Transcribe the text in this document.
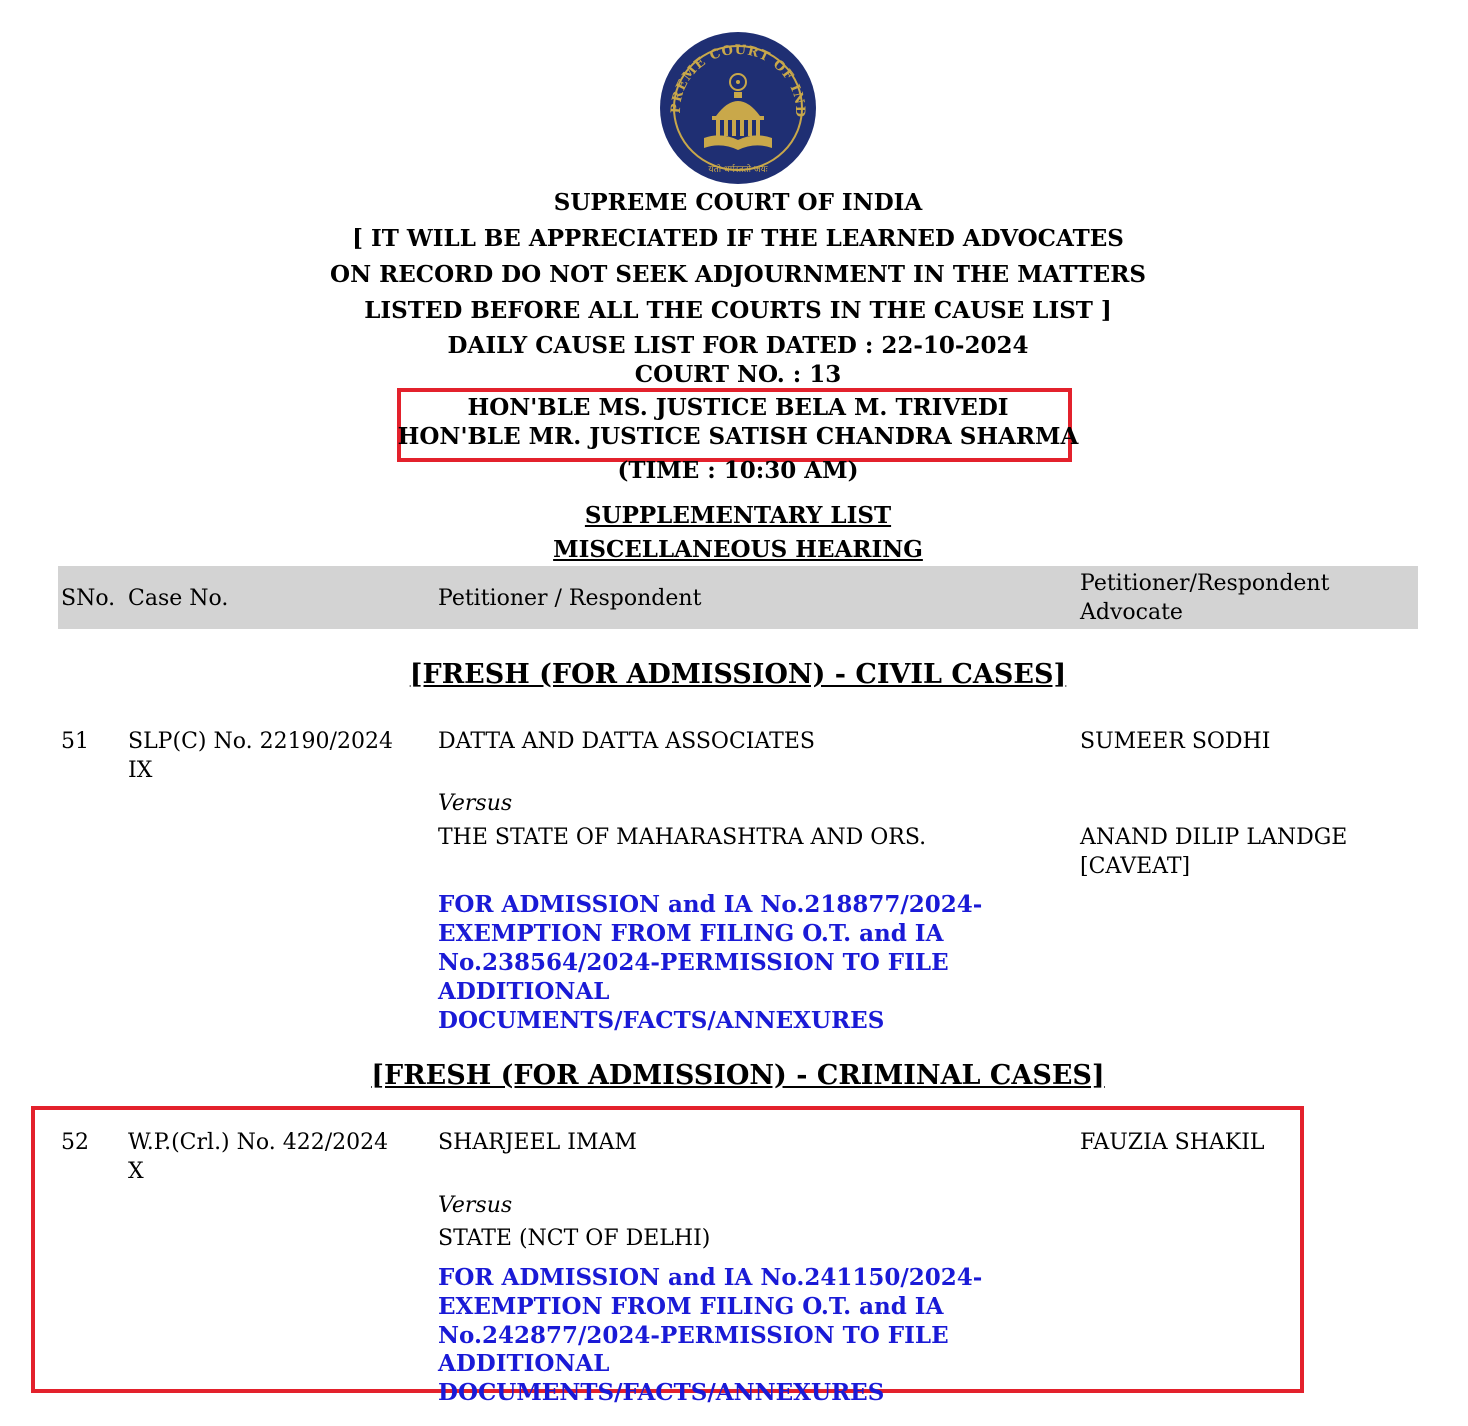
PREME COURT OF IND
यतो धर्मस्ततो जयः
SUPREME COURT OF INDIA
[ IT WILL BE APPRECIATED IF THE LEARNED ADVOCATES
ON RECORD DO NOT SEEK ADJOURNMENT IN THE MATTERS
LISTED BEFORE ALL THE COURTS IN THE CAUSE LIST ]
DAILY CAUSE LIST FOR DATED : 22-10-2024
COURT NO. : 13
HON'BLE MS. JUSTICE BELA M. TRIVEDI
HON'BLE MR. JUSTICE SATISH CHANDRA SHARMA
(TIME : 10:30 AM)
SUPPLEMENTARY LIST
MISCELLANEOUS HEARING
SNo. Case No.	Petitioner / Respondent
Petitioner/Respondent
Advocate
[FRESH (FOR ADMISSION) - CIVIL CASES]
51 SLP(C) No. 22190/2024
IX
DATTA AND DATTA ASSOCIATES
Versus
THE STATE OF MAHARASHTRA AND ORS.
SUMEER SODHI
ANAND DILIP LANDGE
[CAVEAT]
FOR ADMISSION and IA No.218877/2024-
EXEMPTION FROM FILING O.T. and IA
No.238564/2024-PERMISSION TO FILE
ADDITIONAL DOCUMENTS/FACTS/ANNEXURES
[FRESH (FOR ADMISSION) - CRIMINAL CASES]
52 W.P.(Crl.) No. 422/2024
X
SHARJEEL IMAM
Versus
STATE (NCT OF DELHI)
FAUZIA SHAKIL
FOR ADMISSION and IA No.241150/2024-
EXEMPTION FROM FILING O.T. and IA
No.242877/2024-PERMISSION TO FILE
ADDITIONAL DOCUMENTS/FACTS/ANNEXURES
